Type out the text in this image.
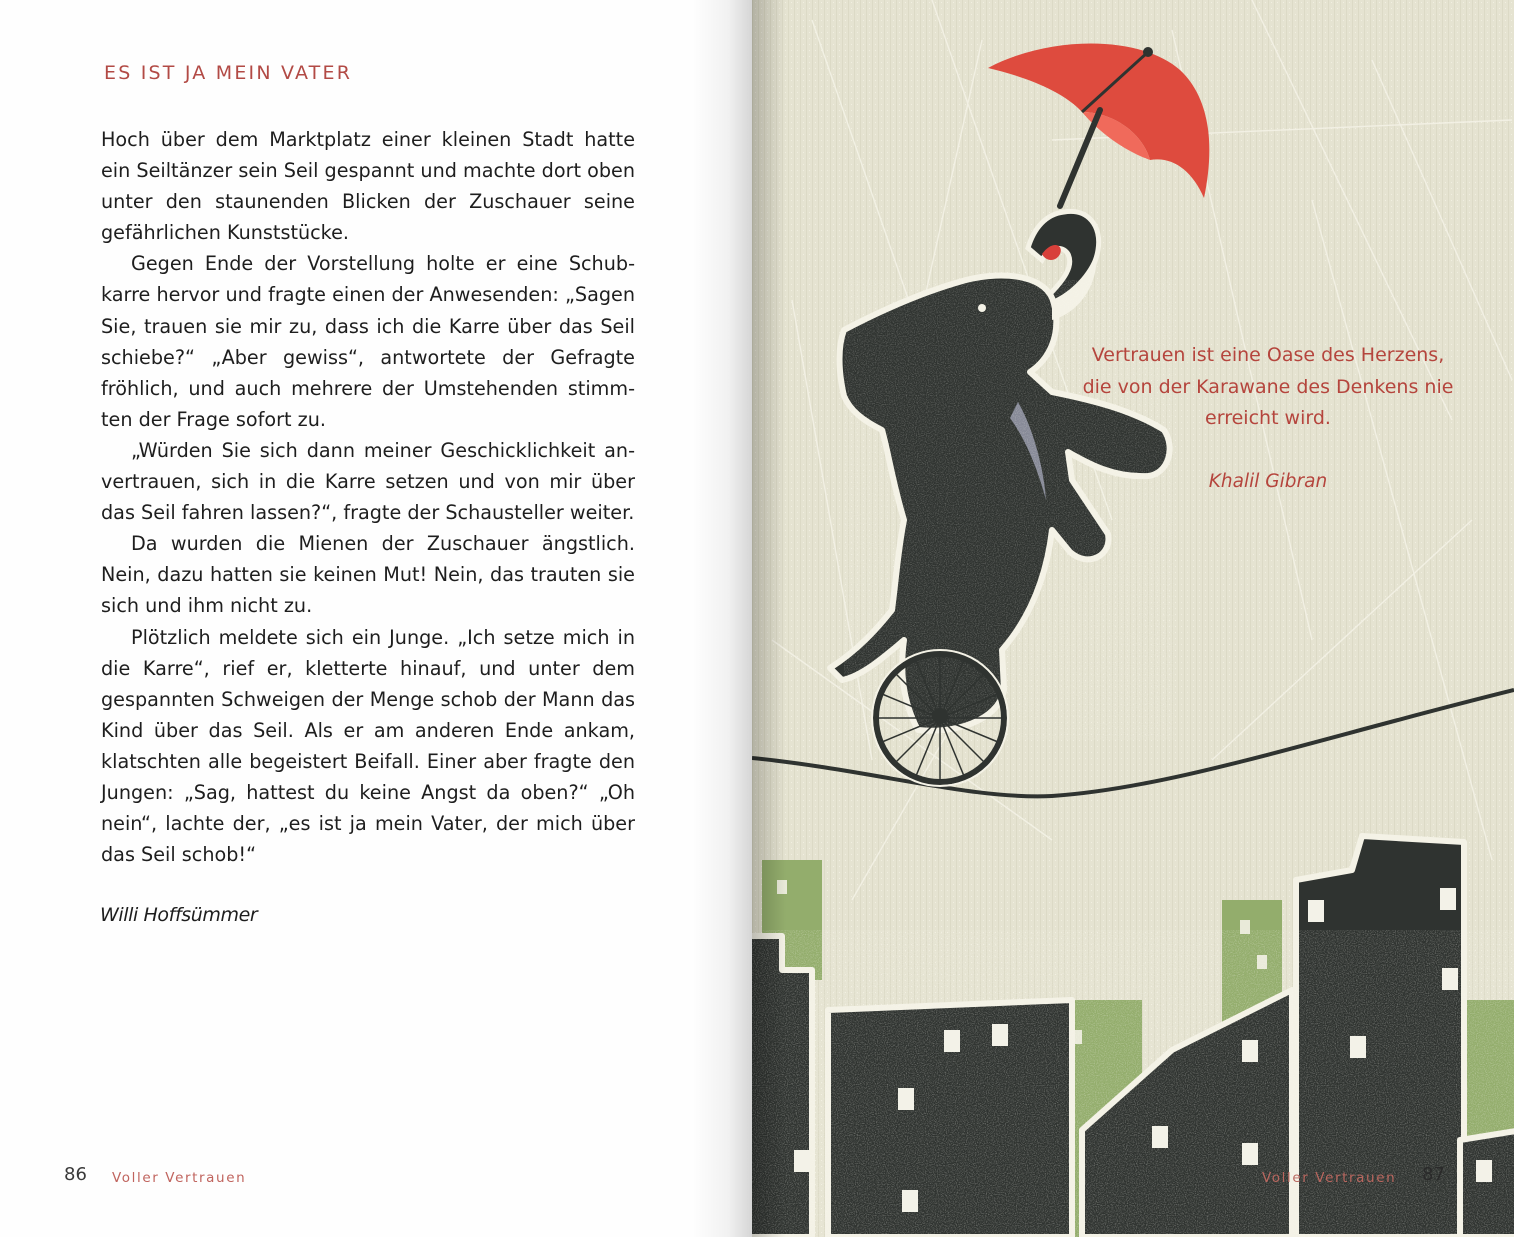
ES IST JA MEIN VATER

Hoch über dem Marktplatz einer kleinen Stadt hatte ein Seiltänzer sein Seil gespannt und machte dort oben unter den staunenden Blicken der Zuschauer seine gefährlichen Kunststücke.

Gegen Ende der Vorstellung holte er eine Schubkarre hervor und fragte einen der Anwesenden: „Sagen Sie, trauen sie mir zu, dass ich die Karre über das Seil schiebe?“ „Aber gewiss“, antwortete der Gefragte fröhlich, und auch mehrere der Umstehenden stimmten der Frage sofort zu.

„Würden Sie sich dann meiner Geschicklichkeit anvertrauen, sich in die Karre setzen und von mir über das Seil fahren lassen?“, fragte der Schausteller weiter.

Da wurden die Mienen der Zuschauer ängstlich. Nein, dazu hatten sie keinen Mut! Nein, das trauten sie sich und ihm nicht zu.

Plötzlich meldete sich ein Junge. „Ich setze mich in die Karre“, rief er, kletterte hinauf, und unter dem gespannten Schweigen der Menge schob der Mann das Kind über das Seil. Als er am anderen Ende ankam, klatschten alle begeistert Beifall. Einer aber fragte den Jungen: „Sag, hattest du keine Angst da oben?“ „Oh nein“, lachte der, „es ist ja mein Vater, der mich über das Seil schob!“

Willi Hoffsümmer
86 Voller Vertrauen

Vertrauen ist eine Oase des Herzens, die von der Karawane des Denkens nie erreicht wird.

Khalil Gibran
Voller Vertrauen 87
